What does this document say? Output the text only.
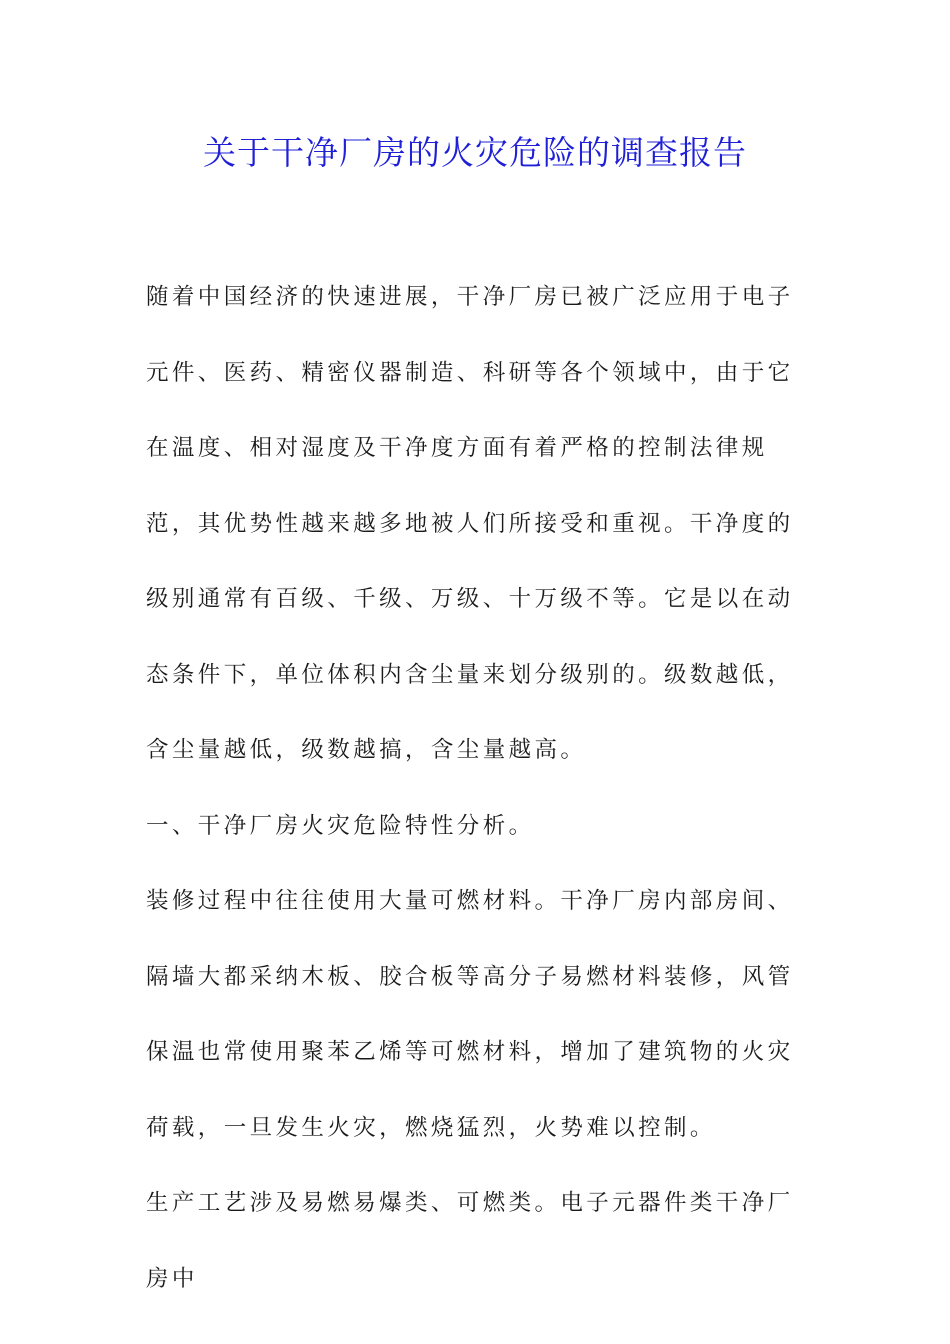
关于干净厂房的火灾危险的调查报告

随着中国经济的快速进展，干净厂房已被广泛应用于电子元件、医药、精密仪器制造、科研等各个领域中，由于它在温度、相对湿度及干净度方面有着严格的控制法律规范，其优势性越来越多地被人们所接受和重视。干净度的级别通常有百级、千级、万级、十万级不等。它是以在动态条件下，单位体积内含尘量来划分级别的。级数越低，含尘量越低，级数越搞，含尘量越高。

一、干净厂房火灾危险特性分析。

装修过程中往往使用大量可燃材料。干净厂房内部房间、隔墙大都采纳木板、胶合板等高分子易燃材料装修，风管保温也常使用聚苯乙烯等可燃材料，增加了建筑物的火灾荷载，一旦发生火灾，燃烧猛烈，火势难以控制。

生产工艺涉及易燃易爆类、可燃类。电子元器件类干净厂房中
